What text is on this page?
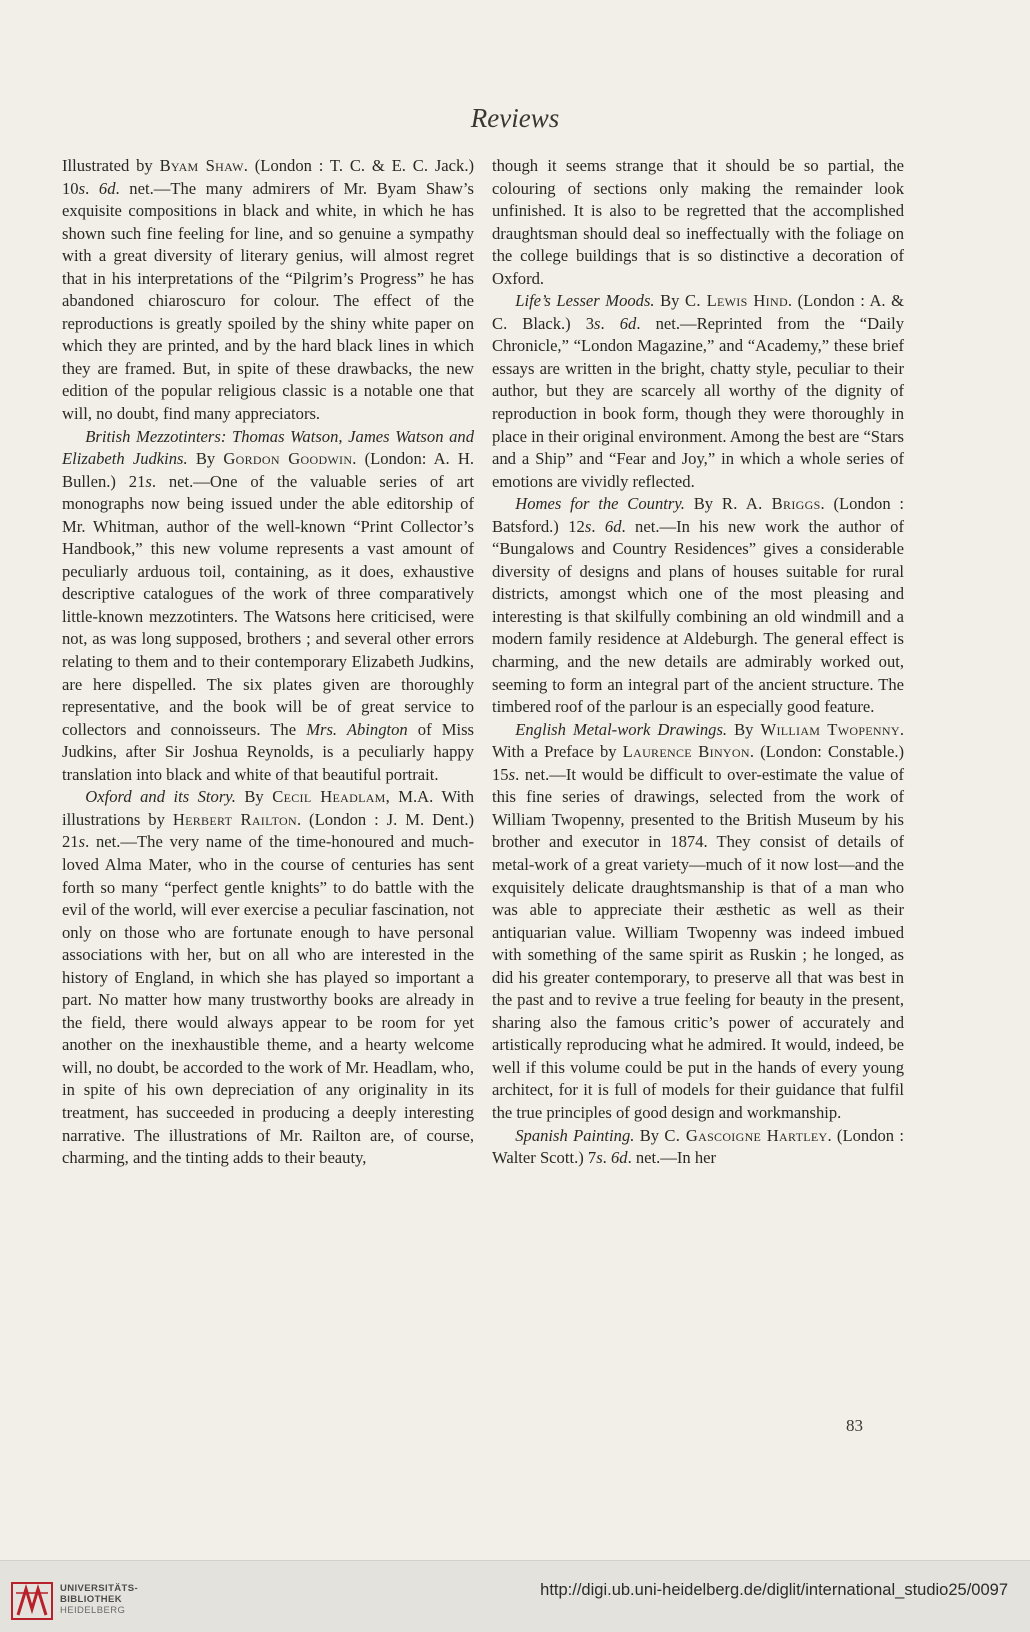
Reviews

Illustrated by Byam Shaw. (London : T. C. & E. C. Jack.) 10s. 6d. net.—The many admirers of Mr. Byam Shaw’s exquisite compositions in black and white, in which he has shown such fine feeling for line, and so genuine a sympathy with a great diversity of literary genius, will almost regret that in his interpretations of the “Pilgrim’s Progress” he has abandoned chiaroscuro for colour. The effect of the reproductions is greatly spoiled by the shiny white paper on which they are printed, and by the hard black lines in which they are framed. But, in spite of these drawbacks, the new edition of the popular religious classic is a notable one that will, no doubt, find many appreciators.

British Mezzotinters: Thomas Watson, James Watson and Elizabeth Judkins. By Gordon Goodwin. (London: A. H. Bullen.) 21s. net.—One of the valuable series of art monographs now being issued under the able editorship of Mr. Whitman, author of the well-known “Print Collector’s Handbook,” this new volume represents a vast amount of peculiarly arduous toil, containing, as it does, exhaustive descriptive catalogues of the work of three comparatively little-known mezzotinters. The Watsons here criticised, were not, as was long supposed, brothers ; and several other errors relating to them and to their contemporary Elizabeth Judkins, are here dispelled. The six plates given are thoroughly representative, and the book will be of great service to collectors and connoisseurs. The Mrs. Abington of Miss Judkins, after Sir Joshua Reynolds, is a peculiarly happy translation into black and white of that beautiful portrait.

Oxford and its Story. By Cecil Headlam, M.A. With illustrations by Herbert Railton. (London : J. M. Dent.) 21s. net.—The very name of the time-honoured and much-loved Alma Mater, who in the course of centuries has sent forth so many “perfect gentle knights” to do battle with the evil of the world, will ever exercise a peculiar fascination, not only on those who are fortunate enough to have personal associations with her, but on all who are interested in the history of England, in which she has played so important a part. No matter how many trustworthy books are already in the field, there would always appear to be room for yet another on the inexhaustible theme, and a hearty welcome will, no doubt, be accorded to the work of Mr. Headlam, who, in spite of his own depreciation of any originality in its treatment, has succeeded in producing a deeply interesting narrative. The illustrations of Mr. Railton are, of course, charming, and the tinting adds to their beauty,

though it seems strange that it should be so partial, the colouring of sections only making the remainder look unfinished. It is also to be regretted that the accomplished draughtsman should deal so ineffectually with the foliage on the college buildings that is so distinctive a decoration of Oxford.

Life’s Lesser Moods. By C. Lewis Hind. (London : A. & C. Black.) 3s. 6d. net.—Reprinted from the “Daily Chronicle,” “London Magazine,” and “Academy,” these brief essays are written in the bright, chatty style, peculiar to their author, but they are scarcely all worthy of the dignity of reproduction in book form, though they were thoroughly in place in their original environment. Among the best are “Stars and a Ship” and “Fear and Joy,” in which a whole series of emotions are vividly reflected.

Homes for the Country. By R. A. Briggs. (London : Batsford.) 12s. 6d. net.—In his new work the author of “Bungalows and Country Residences” gives a considerable diversity of designs and plans of houses suitable for rural districts, amongst which one of the most pleasing and interesting is that skilfully combining an old windmill and a modern family residence at Aldeburgh. The general effect is charming, and the new details are admirably worked out, seeming to form an integral part of the ancient structure. The timbered roof of the parlour is an especially good feature.

English Metal-work Drawings. By William Twopenny. With a Preface by Laurence Binyon. (London: Constable.) 15s. net.—It would be difficult to over-estimate the value of this fine series of drawings, selected from the work of William Twopenny, presented to the British Museum by his brother and executor in 1874. They consist of details of metal-work of a great variety—much of it now lost—and the exquisitely delicate draughtsmanship is that of a man who was able to appreciate their æsthetic as well as their antiquarian value. William Twopenny was indeed imbued with something of the same spirit as Ruskin ; he longed, as did his greater contemporary, to preserve all that was best in the past and to revive a true feeling for beauty in the present, sharing also the famous critic’s power of accurately and artistically reproducing what he admired. It would, indeed, be well if this volume could be put in the hands of every young architect, for it is full of models for their guidance that fulfil the true principles of good design and workmanship.

Spanish Painting. By C. Gascoigne Hartley. (London : Walter Scott.) 7s. 6d. net.—In her

83
UNIVERSITÄTS-
BIBLIOTHEK
HEIDELBERG
http://digi.ub.uni-heidelberg.de/diglit/international_studio25/0097
